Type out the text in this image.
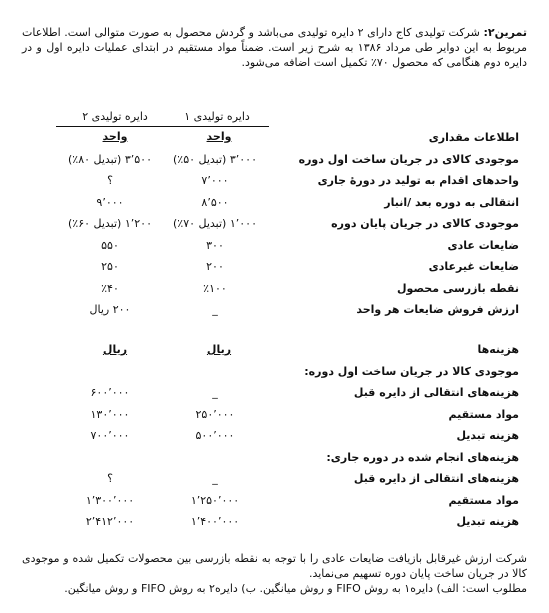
تمرین۲: شرکت تولیدی کاج دارای ۲ دایره تولیدی می‌باشد و گردش محصول به صورت متوالی است. اطلاعات مربوط به این دوایر طی مرداد ۱۳۸۶ به شرح زیر است. ضمناً مواد مستقیم در ابتدای عملیات دایره اول و در دایره دوم هنگامی که محصول ۷۰٪ تکمیل است اضافه می‌شود.
دایره تولیدی ۱
دایره تولیدی ۲
واحد
واحد	اطلاعات مقداری
موجودی کالای در جریان ساخت اول دوره
۳٬۰۰۰ (تبدیل ۵۰٪)
۳٬۵۰۰ (تبدیل ۸۰٪)
واحدهای اقدام به تولید در دورهٔ جاری
۷٬۰۰۰
؟
انتقالی به دوره بعد /انبار
۸٬۵۰۰
۹٬۰۰۰
موجودی کالای در جریان پایان دوره
۱٬۰۰۰ (تبدیل ۷۰٪)
۱٬۲۰۰ (تبدیل ۶۰٪)
ضایعات عادی
۳۰۰
۵۵۰
ضایعات غیرعادی
۲۰۰
۲۵۰
نقطه بازرسی محصول
٪۱۰۰
٪۴۰
ارزش فروش ضایعات هر واحد
_
۲۰۰ ریال
ریال
ریال	هزینه‌ها
موجودی کالا در جریان ساخت اول دوره:
هزینه‌های انتقالی از دایره قبل
_
۶۰۰٬۰۰۰
مواد مستقیم
۲۵۰٬۰۰۰
۱۳۰٬۰۰۰
هزینه تبدیل
۵۰۰٬۰۰۰
۷۰۰٬۰۰۰
هزینه‌های انجام شده در دوره جاری:
هزینه‌های انتقالی از دایره قبل
_
؟
مواد مستقیم
۱٬۲۵۰٬۰۰۰
۱٬۳۰۰٬۰۰۰
هزینه تبدیل
۱٬۴۰۰٬۰۰۰
۲٬۴۱۲٬۰۰۰
شرکت ارزش غیرقابل بازیافت ضایعات عادی را با توجه به نقطه بازرسی بین محصولات تکمیل شده و موجودی کالا در جریان ساخت پایان دوره تسهیم می‌نماید.
مطلوب است: الف) دایره۱ به روش FIFO و روش میانگین. ب) دایره۲ به روش FIFO و روش میانگین.
